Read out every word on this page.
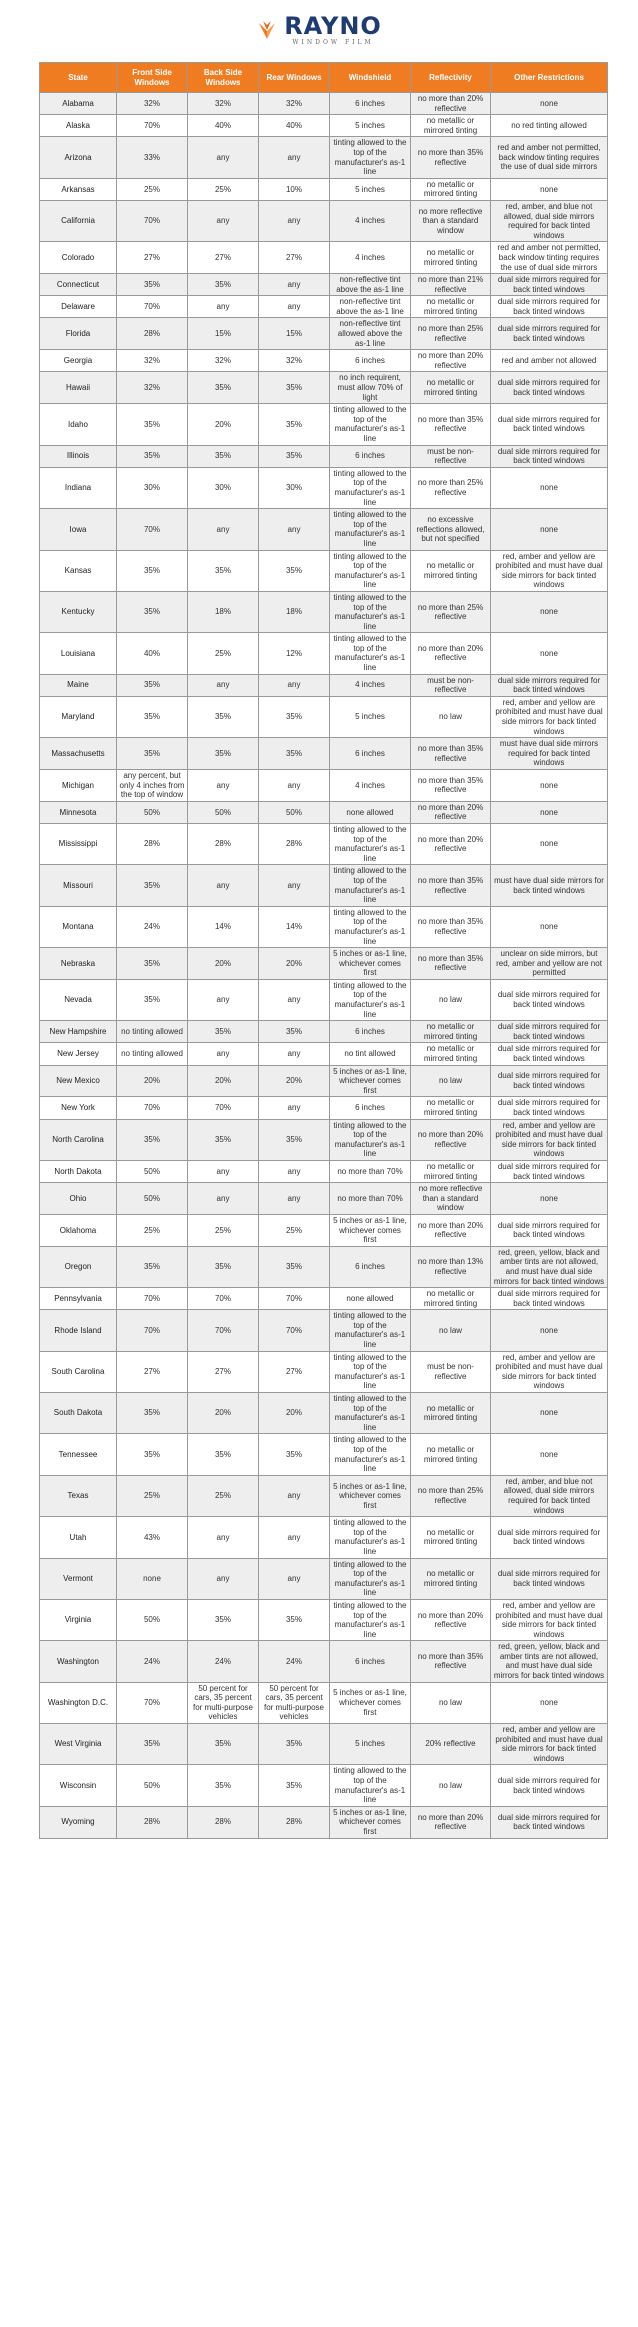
RAYNO
WINDOW FILM
State	Front Side Windows	Back Side Windows	Rear Windows	Windshield	Reflectivity	Other Restrictions
Alabama	32%	32%	32%	6 inches	no more than 20% reflective	none
Alaska	70%	40%	40%	5 inches	no metallic or mirrored tinting	no red tinting allowed
Arizona	33%	any	any	tinting allowed to the top of the manufacturer's as-1 line	no more than 35% reflective	red and amber not permitted, back window tinting requires the use of dual side mirrors
Arkansas	25%	25%	10%	5 inches	no metallic or mirrored tinting	none
California	70%	any	any	4 inches	no more reflective than a standard window	red, amber, and blue not allowed, dual side mirrors required for back tinted windows
Colorado	27%	27%	27%	4 inches	no metallic or mirrored tinting	red and amber not permitted, back window tinting requires the use of dual side mirrors
Connecticut	35%	35%	any	non-reflective tint above the as-1 line	no more than 21% reflective	dual side mirrors required for back tinted windows
Delaware	70%	any	any	non-reflective tint above the as-1 line	no metallic or mirrored tinting	dual side mirrors required for back tinted windows
Florida	28%	15%	15%	non-reflective tint allowed above the as-1 line	no more than 25% reflective	dual side mirrors required for back tinted windows
Georgia	32%	32%	32%	6 inches	no more than 20% reflective	red and amber not allowed
Hawaii	32%	35%	35%	no inch requirent, must allow 70% of light	no metallic or mirrored tinting	dual side mirrors required for back tinted windows
Idaho	35%	20%	35%	tinting allowed to the top of the manufacturer's as-1 line	no more than 35% reflective	dual side mirrors required for back tinted windows
Illinois	35%	35%	35%	6 inches	must be non-reflective	dual side mirrors required for back tinted windows
Indiana	30%	30%	30%	tinting allowed to the top of the manufacturer's as-1 line	no more than 25% reflective	none
Iowa	70%	any	any	tinting allowed to the top of the manufacturer's as-1 line	no excessive reflections allowed, but not specified	none
Kansas	35%	35%	35%	tinting allowed to the top of the manufacturer's as-1 line	no metallic or mirrored tinting	red, amber and yellow are prohibited and must have dual side mirrors for back tinted windows
Kentucky	35%	18%	18%	tinting allowed to the top of the manufacturer's as-1 line	no more than 25% reflective	none
Louisiana	40%	25%	12%	tinting allowed to the top of the manufacturer's as-1 line	no more than 20% reflective	none
Maine	35%	any	any	4 inches	must be non-reflective	dual side mirrors required for back tinted windows
Maryland	35%	35%	35%	5 inches	no law	red, amber and yellow are prohibited and must have dual side mirrors for back tinted windows
Massachusetts	35%	35%	35%	6 inches	no more than 35% reflective	must have dual side mirrors required for back tinted windows
Michigan	any percent, but only 4 inches from the top of window	any	any	4 inches	no more than 35% reflective	none
Minnesota	50%	50%	50%	none allowed	no more than 20% reflective	none
Mississippi	28%	28%	28%	tinting allowed to the top of the manufacturer's as-1 line	no more than 20% reflective	none
Missouri	35%	any	any	tinting allowed to the top of the manufacturer's as-1 line	no more than 35% reflective	must have dual side mirrors for back tinted windows
Montana	24%	14%	14%	tinting allowed to the top of the manufacturer's as-1 line	no more than 35% reflective	none
Nebraska	35%	20%	20%	5 inches or as-1 line, whichever comes first	no more than 35% reflective	unclear on side mirrors, but red, amber and yellow are not permitted
Nevada	35%	any	any	tinting allowed to the top of the manufacturer's as-1 line	no law	dual side mirrors required for back tinted windows
New Hampshire	no tinting allowed	35%	35%	6 inches	no metallic or mirrored tinting	dual side mirrors required for back tinted windows
New Jersey	no tinting allowed	any	any	no tint allowed	no metallic or mirrored tinting	dual side mirrors required for back tinted windows
New Mexico	20%	20%	20%	5 inches or as-1 line, whichever comes first	no law	dual side mirrors required for back tinted windows
New York	70%	70%	any	6 inches	no metallic or mirrored tinting	dual side mirrors required for back tinted windows
North Carolina	35%	35%	35%	tinting allowed to the top of the manufacturer's as-1 line	no more than 20% reflective	red, amber and yellow are prohibited and must have dual side mirrors for back tinted windows
North Dakota	50%	any	any	no more than 70%	no metallic or mirrored tinting	dual side mirrors required for back tinted windows
Ohio	50%	any	any	no more than 70%	no more reflective than a standard window	none
Oklahoma	25%	25%	25%	5 inches or as-1 line, whichever comes first	no more than 20% reflective	dual side mirrors required for back tinted windows
Oregon	35%	35%	35%	6 inches	no more than 13% reflective	red, green, yellow, black and amber tints are not allowed, and must have dual side mirrors for back tinted windows
Pennsylvania	70%	70%	70%	none allowed	no metallic or mirrored tinting	dual side mirrors required for back tinted windows
Rhode Island	70%	70%	70%	tinting allowed to the top of the manufacturer's as-1 line	no law	none
South Carolina	27%	27%	27%	tinting allowed to the top of the manufacturer's as-1 line	must be non-reflective	red, amber and yellow are prohibited and must have dual side mirrors for back tinted windows
South Dakota	35%	20%	20%	tinting allowed to the top of the manufacturer's as-1 line	no metallic or mirrored tinting	none
Tennessee	35%	35%	35%	tinting allowed to the top of the manufacturer's as-1 line	no metallic or mirrored tinting	none
Texas	25%	25%	any	5 inches or as-1 line, whichever comes first	no more than 25% reflective	red, amber, and blue not allowed, dual side mirrors required for back tinted windows
Utah	43%	any	any	tinting allowed to the top of the manufacturer's as-1 line	no metallic or mirrored tinting	dual side mirrors required for back tinted windows
Vermont	none	any	any	tinting allowed to the top of the manufacturer's as-1 line	no metallic or mirrored tinting	dual side mirrors required for back tinted windows
Virginia	50%	35%	35%	tinting allowed to the top of the manufacturer's as-1 line	no more than 20% reflective	red, amber and yellow are prohibited and must have dual side mirrors for back tinted windows
Washington	24%	24%	24%	6 inches	no more than 35% reflective	red, green, yellow, black and amber tints are not allowed, and must have dual side mirrors for back tinted windows
Washington D.C.	70%	50 percent for cars, 35 percent for multi-purpose vehicles	50 percent for cars, 35 percent for multi-purpose vehicles	5 inches or as-1 line, whichever comes first	no law	none
West Virginia	35%	35%	35%	5 inches	20% reflective	red, amber and yellow are prohibited and must have dual side mirrors for back tinted windows
Wisconsin	50%	35%	35%	tinting allowed to the top of the manufacturer's as-1 line	no law	dual side mirrors required for back tinted windows
Wyoming	28%	28%	28%	5 inches or as-1 line, whichever comes first	no more than 20% reflective	dual side mirrors required for back tinted windows
